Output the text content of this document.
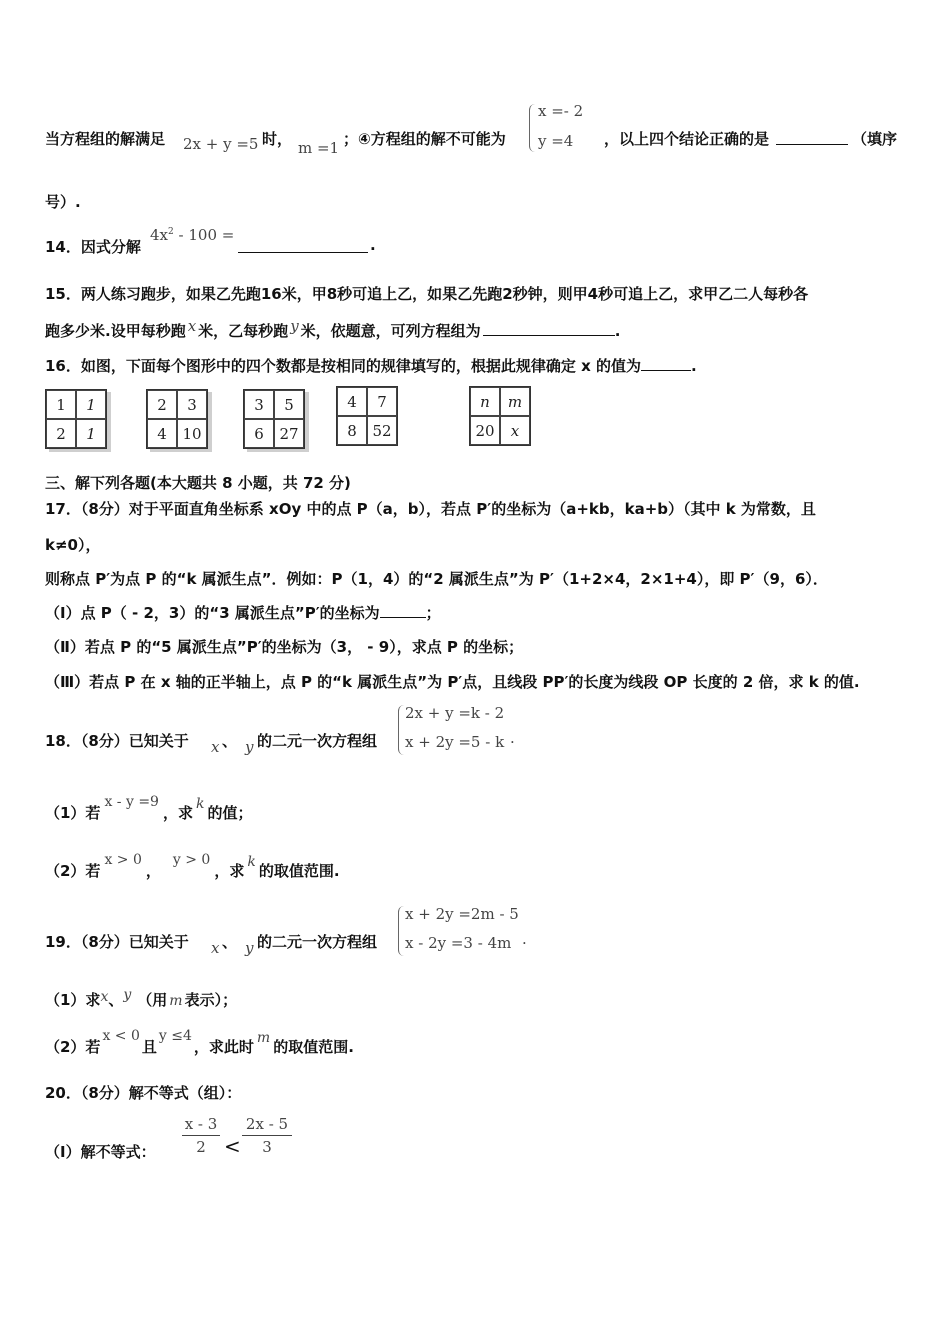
当方程组的解满足 2x + y =5 时， m =1 ；④方程组的解不可能为
x =- 2
y =4 ，以上四个结论正确的是	（填序
号）.
14．因式分解
$4x^2 - 100$ =
.
15．两人练习跑步，如果乙先跑16米，甲8秒可追上乙，如果乙先跑2秒钟，则甲4秒可追上乙，求甲乙二人每秒各
跑多少米.设甲每秒跑 x 米，乙每秒跑 y 米，依题意，可列方程组为	.
16．如图，下面每个图形中的四个数都是按相同的规律填写的，根据此规律确定 x 的值为	.
1	1
2	1
2	3
4	10
3	5
6	27
4	7
8	52
n	m
20	x
三、解下列各题(本大题共 8 小题，共 72 分)
17．（8分）对于平面直角坐标系 xOy 中的点 P（a，b），若点 P′的坐标为（a+kb，ka+b）（其中 k 为常数，且
k≠0），
则称点 P′为点 P 的“k 属派生点”．例如：P（1，4）的“2 属派生点”为 P′（1+2×4，2×1+4），即 P′（9，6）．
（Ⅰ）点 P（ - 2，3）的“3 属派生点”P′的坐标为	；
（Ⅱ）若点 P 的“5 属派生点”P′的坐标为（3， - 9），求点 P 的坐标；
（Ⅲ）若点 P 在 x 轴的正半轴上，点 P 的“k 属派生点”为 P′点，且线段 PP′的长度为线段 OP 长度的 2 倍，求 k 的值.
18．（8分）已知关于 x 、 y 的二元一次方程组
2x + y =k - 2
x + 2y =5 - k ·
（1）若x - y =9，求 k 的值；
（2）若x > 0，y > 0，求 k 的取值范围.
19．（8分）已知关于 x 、 y 的二元一次方程组
x + 2y =2m - 5
x - 2y =3 - 4m ·
（1）求x、y （用 m 表示）；
（2）若x < 0且y ≤4，求此时 m 的取值范围.
20．（8分）解不等式（组）：
（Ⅰ）解不等式：
x - 3
2 <
2x - 5
3
